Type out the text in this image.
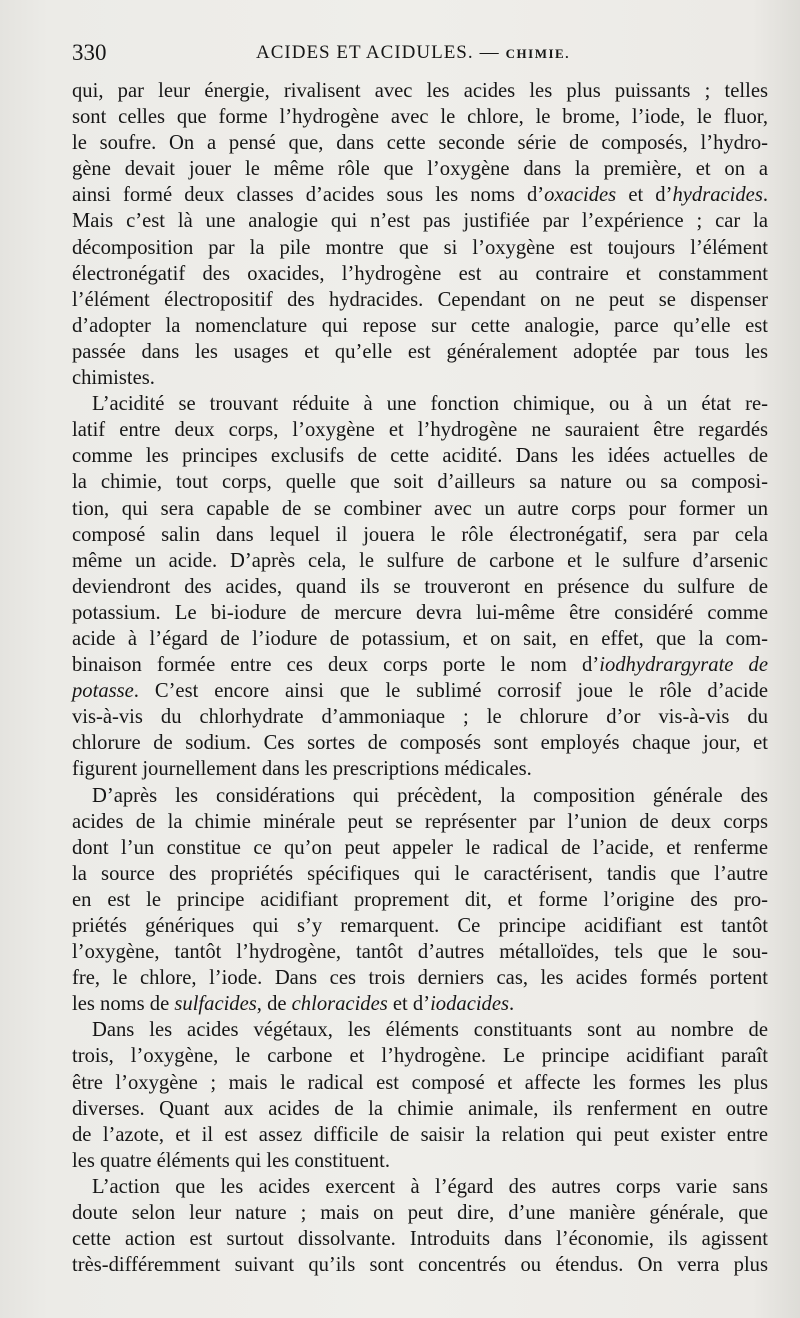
330	ACIDES ET ACIDULES. — CHIMIE.
qui, par leur énergie, rivalisent avec les acides les plus puissants ; telles
sont celles que forme l’hydrogène avec le chlore, le brome, l’iode, le fluor,
le soufre. On a pensé que, dans cette seconde série de composés, l’hydro-
gène devait jouer le même rôle que l’oxygène dans la première, et on a
ainsi formé deux classes d’acides sous les noms d’oxacides et d’hydracides.
Mais c’est là une analogie qui n’est pas justifiée par l’expérience ; car la
décomposition par la pile montre que si l’oxygène est toujours l’élément
électronégatif des oxacides, l’hydrogène est au contraire et constamment
l’élément électropositif des hydracides. Cependant on ne peut se dispenser
d’adopter la nomenclature qui repose sur cette analogie, parce qu’elle est
passée dans les usages et qu’elle est généralement adoptée par tous les
chimistes.
L’acidité se trouvant réduite à une fonction chimique, ou à un état re-
latif entre deux corps, l’oxygène et l’hydrogène ne sauraient être regardés
comme les principes exclusifs de cette acidité. Dans les idées actuelles de
la chimie, tout corps, quelle que soit d’ailleurs sa nature ou sa composi-
tion, qui sera capable de se combiner avec un autre corps pour former un
composé salin dans lequel il jouera le rôle électronégatif, sera par cela
même un acide. D’après cela, le sulfure de carbone et le sulfure d’arsenic
deviendront des acides, quand ils se trouveront en présence du sulfure de
potassium. Le bi-iodure de mercure devra lui-même être considéré comme
acide à l’égard de l’iodure de potassium, et on sait, en effet, que la com-
binaison formée entre ces deux corps porte le nom d’iodhydrargyrate de
potasse. C’est encore ainsi que le sublimé corrosif joue le rôle d’acide
vis-à-vis du chlorhydrate d’ammoniaque ; le chlorure d’or vis-à-vis du
chlorure de sodium. Ces sortes de composés sont employés chaque jour, et
figurent journellement dans les prescriptions médicales.
D’après les considérations qui précèdent, la composition générale des
acides de la chimie minérale peut se représenter par l’union de deux corps
dont l’un constitue ce qu’on peut appeler le radical de l’acide, et renferme
la source des propriétés spécifiques qui le caractérisent, tandis que l’autre
en est le principe acidifiant proprement dit, et forme l’origine des pro-
priétés génériques qui s’y remarquent. Ce principe acidifiant est tantôt
l’oxygène, tantôt l’hydrogène, tantôt d’autres métalloïdes, tels que le sou-
fre, le chlore, l’iode. Dans ces trois derniers cas, les acides formés portent
les noms de sulfacides, de chloracides et d’iodacides.
Dans les acides végétaux, les éléments constituants sont au nombre de
trois, l’oxygène, le carbone et l’hydrogène. Le principe acidifiant paraît
être l’oxygène ; mais le radical est composé et affecte les formes les plus
diverses. Quant aux acides de la chimie animale, ils renferment en outre
de l’azote, et il est assez difficile de saisir la relation qui peut exister entre
les quatre éléments qui les constituent.
L’action que les acides exercent à l’égard des autres corps varie sans
doute selon leur nature ; mais on peut dire, d’une manière générale, que
cette action est surtout dissolvante. Introduits dans l’économie, ils agissent
très-différemment suivant qu’ils sont concentrés ou étendus. On verra plus
